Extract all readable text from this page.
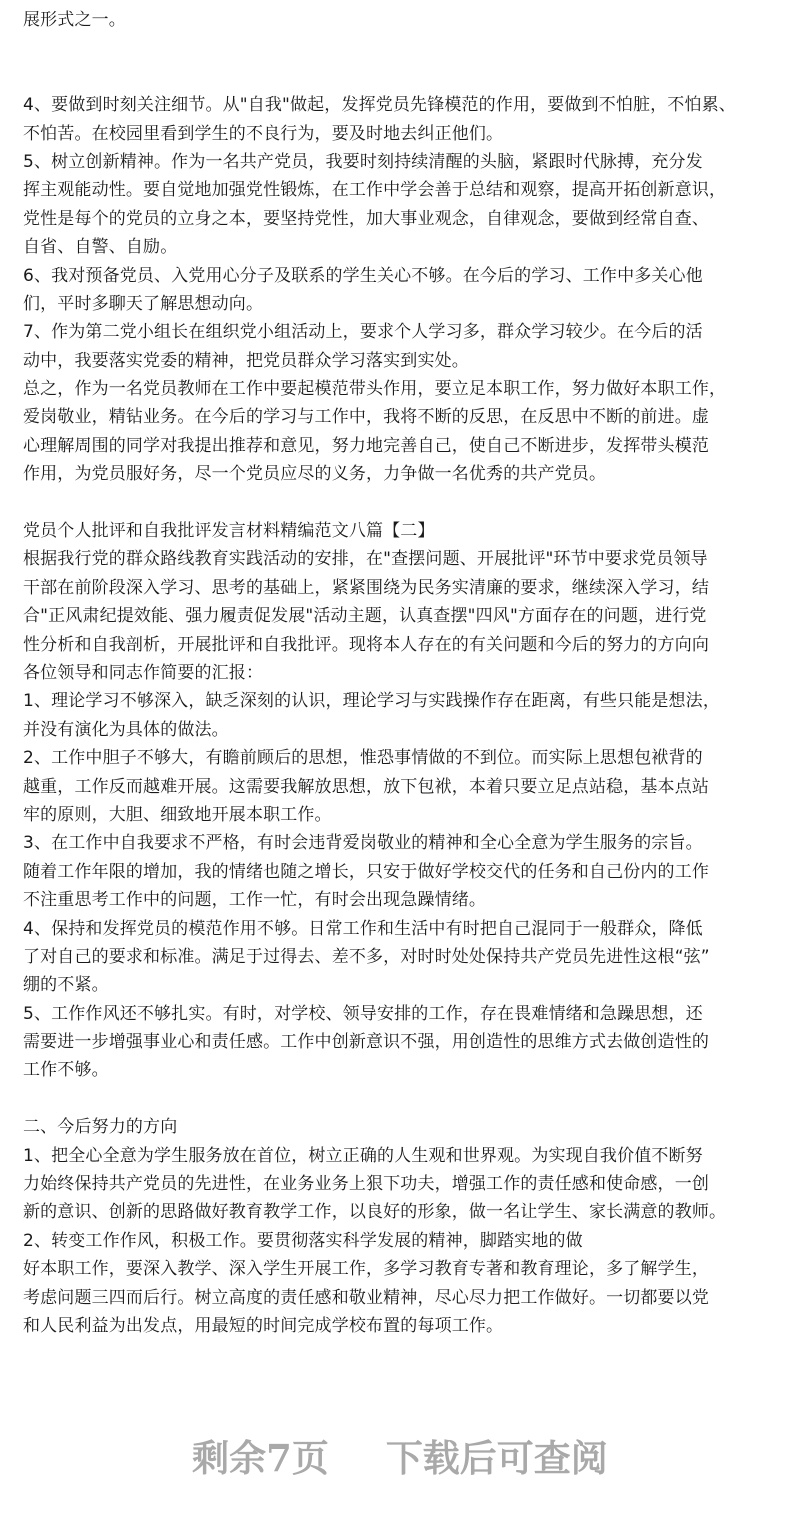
展形式之一。
4、要做到时刻关注细节。从"自我"做起，发挥党员先锋模范的作用，要做到不怕脏，不怕累、
不怕苦。在校园里看到学生的不良行为，要及时地去纠正他们。
5、树立创新精神。作为一名共产党员，我要时刻持续清醒的头脑，紧跟时代脉搏，充分发
挥主观能动性。要自觉地加强党性锻炼，在工作中学会善于总结和观察，提高开拓创新意识，
党性是每个的党员的立身之本，要坚持党性，加大事业观念，自律观念，要做到经常自查、
自省、自警、自励。
6、我对预备党员、入党用心分子及联系的学生关心不够。在今后的学习、工作中多关心他
们，平时多聊天了解思想动向。
7、作为第二党小组长在组织党小组活动上，要求个人学习多，群众学习较少。在今后的活
动中，我要落实党委的精神，把党员群众学习落实到实处。
总之，作为一名党员教师在工作中要起模范带头作用，要立足本职工作，努力做好本职工作，
爱岗敬业，精钻业务。在今后的学习与工作中，我将不断的反思，在反思中不断的前进。虚
心理解周围的同学对我提出推荐和意见，努力地完善自己，使自己不断进步，发挥带头模范
作用，为党员服好务，尽一个党员应尽的义务，力争做一名优秀的共产党员。
党员个人批评和自我批评发言材料精编范文八篇【二】
根据我行党的群众路线教育实践活动的安排，在"查摆问题、开展批评"环节中要求党员领导
干部在前阶段深入学习、思考的基础上，紧紧围绕为民务实清廉的要求，继续深入学习，结
合"正风肃纪提效能、强力履责促发展"活动主题，认真查摆"四风"方面存在的问题，进行党
性分析和自我剖析，开展批评和自我批评。现将本人存在的有关问题和今后的努力的方向向
各位领导和同志作简要的汇报：
1、理论学习不够深入，缺乏深刻的认识，理论学习与实践操作存在距离，有些只能是想法，
并没有演化为具体的做法。
2、工作中胆子不够大，有瞻前顾后的思想，惟恐事情做的不到位。而实际上思想包袱背的
越重，工作反而越难开展。这需要我解放思想，放下包袱，本着只要立足点站稳，基本点站
牢的原则，大胆、细致地开展本职工作。
3、在工作中自我要求不严格，有时会违背爱岗敬业的精神和全心全意为学生服务的宗旨。
随着工作年限的增加，我的情绪也随之增长，只安于做好学校交代的任务和自己份内的工作
不注重思考工作中的问题，工作一忙，有时会出现急躁情绪。
4、保持和发挥党员的模范作用不够。日常工作和生活中有时把自己混同于一般群众，降低
了对自己的要求和标准。满足于过得去、差不多，对时时处处保持共产党员先进性这根“弦”
绷的不紧。
5、工作作风还不够扎实。有时，对学校、领导安排的工作，存在畏难情绪和急躁思想，还
需要进一步增强事业心和责任感。工作中创新意识不强，用创造性的思维方式去做创造性的
工作不够。
二、今后努力的方向
1、把全心全意为学生服务放在首位，树立正确的人生观和世界观。为实现自我价值不断努
力始终保持共产党员的先进性，在业务业务上狠下功夫，增强工作的责任感和使命感，一创
新的意识、创新的思路做好教育教学工作，以良好的形象，做一名让学生、家长满意的教师。
2、转变工作作风，积极工作。要贯彻落实科学发展的精神，脚踏实地的做
好本职工作，要深入教学、深入学生开展工作，多学习教育专著和教育理论，多了解学生，
考虑问题三四而后行。树立高度的责任感和敬业精神，尽心尽力把工作做好。一切都要以党
和人民利益为出发点，用最短的时间完成学校布置的每项工作。
剩余7页 下载后可查阅
